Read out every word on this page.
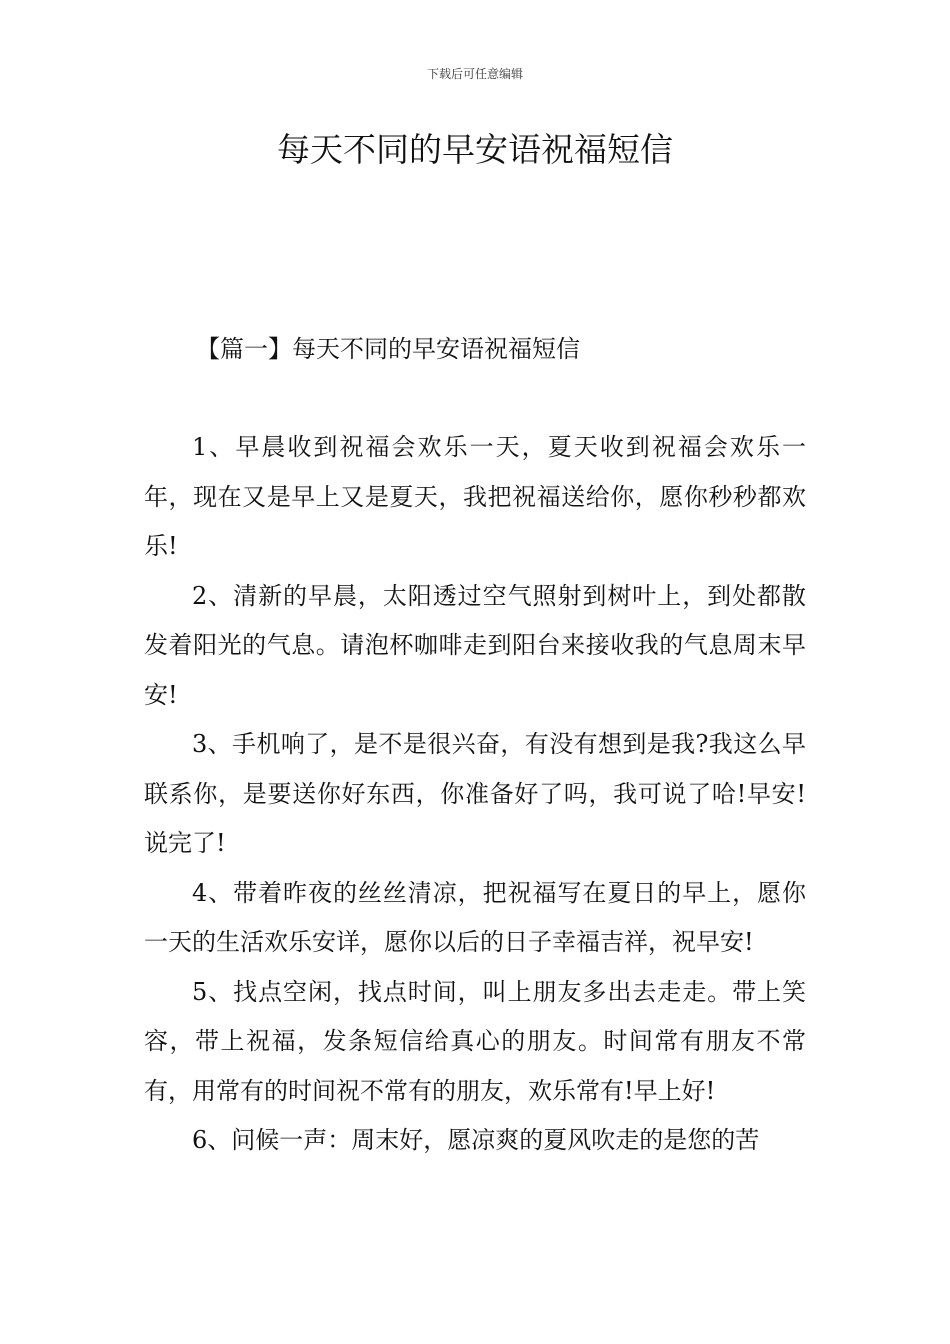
下载后可任意编辑
每天不同的早安语祝福短信
【篇一】每天不同的早安语祝福短信

1、早晨收到祝福会欢乐一天，夏天收到祝福会欢乐一年，现在又是早上又是夏天，我把祝福送给你，愿你秒秒都欢乐!

2、清新的早晨，太阳透过空气照射到树叶上，到处都散发着阳光的气息。请泡杯咖啡走到阳台来接收我的气息周末早安!

3、手机响了，是不是很兴奋，有没有想到是我?我这么早联系你，是要送你好东西，你准备好了吗，我可说了哈!早安!说完了!

4、带着昨夜的丝丝清凉，把祝福写在夏日的早上，愿你一天的生活欢乐安详，愿你以后的日子幸福吉祥，祝早安!

5、找点空闲，找点时间，叫上朋友多出去走走。带上笑容，带上祝福，发条短信给真心的朋友。时间常有朋友不常有，用常有的时间祝不常有的朋友，欢乐常有!早上好!

6、问候一声：周末好，愿凉爽的夏风吹走的是您的苦
